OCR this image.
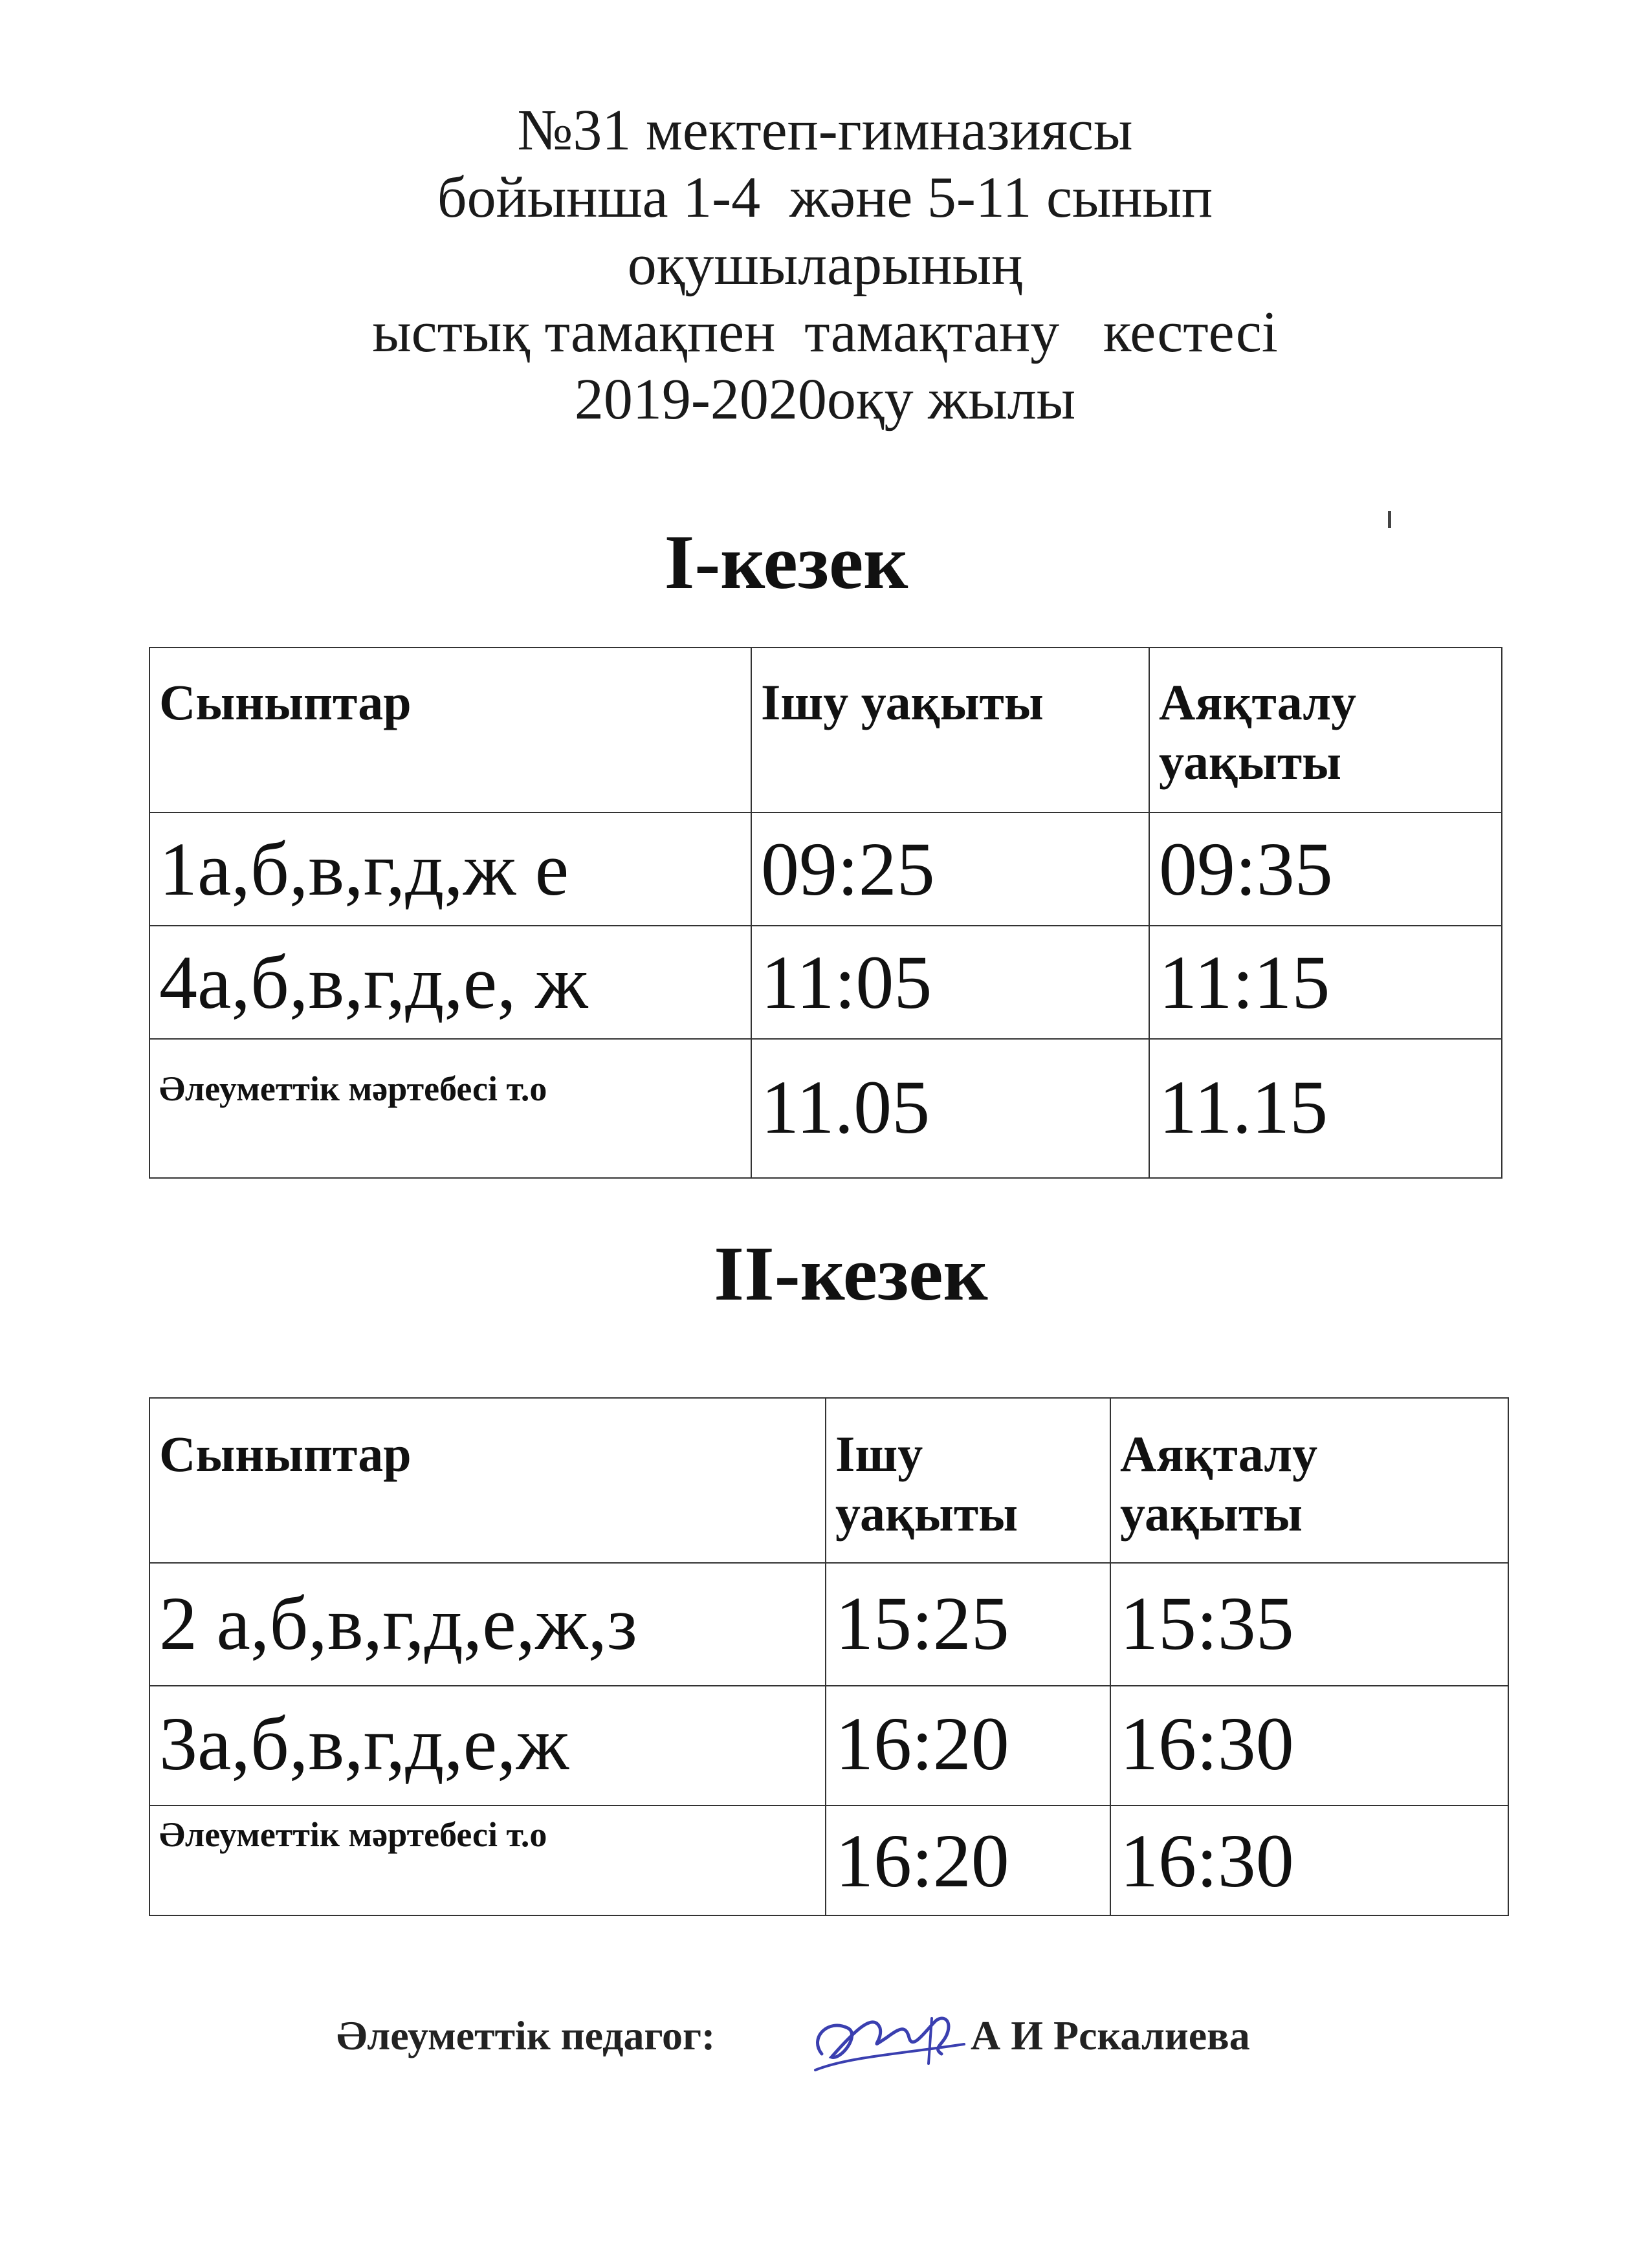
№31 мектеп-гимназиясы
бойынша 1-4  және 5-11 сынып
оқушыларының
ыстық тамақпен  тамақтану   кестесі
2019-2020оқу жылы
I-кезек
Сыныптар	Ішу уақыты	Аяқталу уақыты
1а,б,в,г,д,ж е	09:25	09:35
4а,б,в,г,д,е, ж	11:05	11:15
Әлеуметтік мәртебесі т.о	11.05	11.15
II-кезек
Сыныптар	Ішу уақыты	Аяқталу уақыты
2 а,б,в,г,д,е,ж,з	15:25	15:35
3а,б,в,г,д,е,ж	16:20	16:30
Әлеуметтік мәртебесі т.о	16:20	16:30
Әлеуметтік педагог:	А И Рскалиева
